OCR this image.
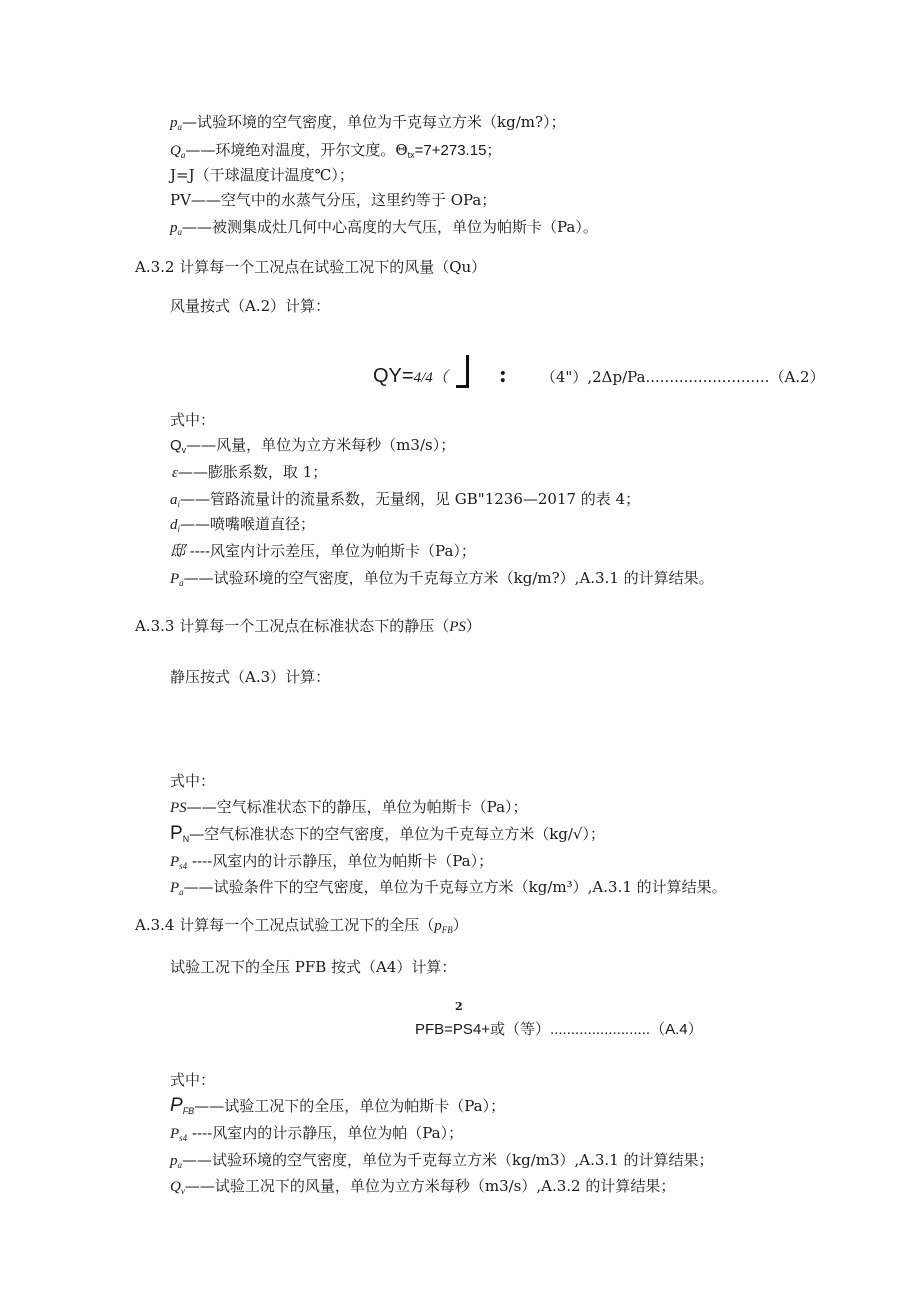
$p_a—$试验环境的空气密度，单位为千克每立方米（kg∕m?）；
$Q_a——$环境绝对温度，开尔文度。$\Theta_{tx}=7+273.15$；
J=J（干球温度计温度℃）；
PV——空气中的水蒸气分压，这里约等于 OPa；
$p_a——$被测集成灶几何中心高度的大气压，单位为帕斯卡（Pa）。
A.3.2 计算每一个工况点在试验工况下的风量（Qu）
风量按式（A.2）计算：
QY=4/4（ : （4"）,2Δp/Pa..........................（A.2）
式中：
$Q_v——$风量，单位为立方米每秒（m3∕s）；
ε——膨胀系数，取 1；
$a_i——$管路流量计的流量系数，无量纲，见 GB"1236—2017 的表 4；
$d_i——$喷嘴喉道直径；
邸 ----风室内计示差压，单位为帕斯卡（Pa）；
$P_a——$试验环境的空气密度，单位为千克每立方米（kg∕m?）,A.3.1 的计算结果。
A.3.3 计算每一个工况点在标准状态下的静压（PS）
静压按式（A.3）计算：
式中：
PS——空气标准状态下的静压，单位为帕斯卡（Pa）；
$P_N—$空气标准状态下的空气密度，单位为千克每立方米（kg∕√）；
$P_{s4}$ ----风室内的计示静压，单位为帕斯卡（Pa）；
$P_a——$试验条件下的空气密度，单位为千克每立方米（kg∕m³）,A.3.1 的计算结果。
A.3.4 计算每一个工况点试验工况下的全压$(p_{FB})$
试验工况下的全压 PFB 按式（A4）计算：
2
PFB=PS4+或（等）........................（A.4）
式中：
$P_{FB}——$试验工况下的全压，单位为帕斯卡（Pa）；
$P_{s4}$ ----风室内的计示静压，单位为帕（Pa）；
$p_a——$试验环境的空气密度，单位为千克每立方米（kg∕m3）,A.3.1 的计算结果；
$Q_v——$试验工况下的风量，单位为立方米每秒（m3∕s）,A.3.2 的计算结果；
